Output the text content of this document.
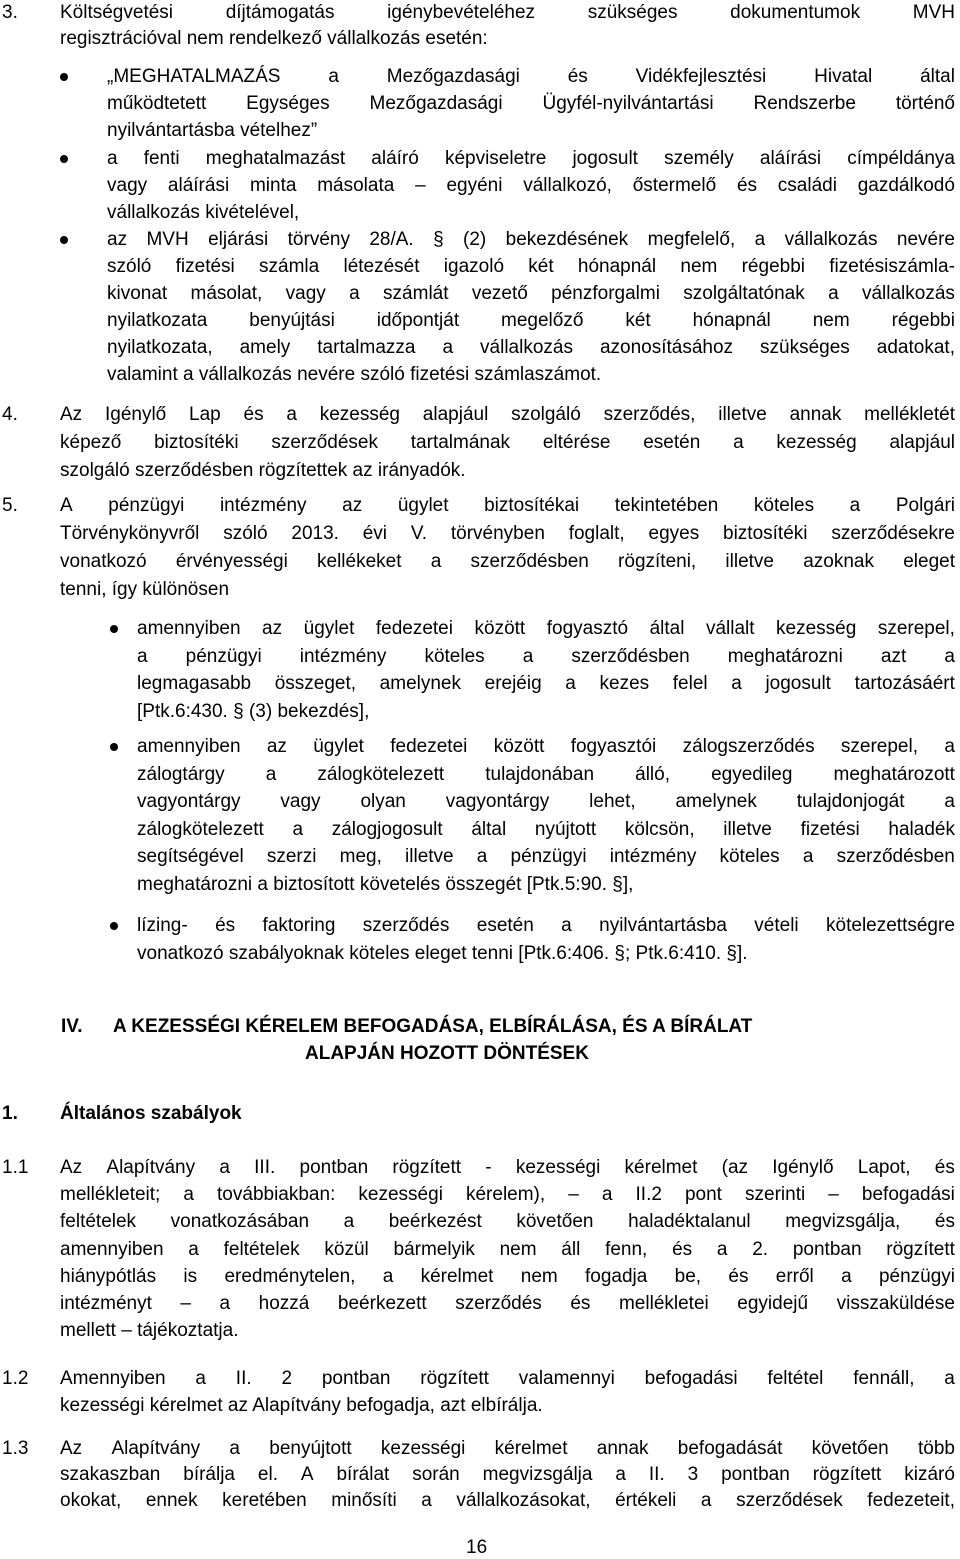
3. Költségvetési	díjtámogatás	igénybevételéhez	szükséges	dokumentumok	MVH
regisztrációval nem rendelkező vállalkozás esetén:
„MEGHATALMAZÁS	a	Mezőgazdasági	és	Vidékfejlesztési	Hivatal	által
működtetett Egységes Mezőgazdasági Ügyfél-nyilvántartási Rendszerbe történő
nyilvántartásba vételhez”
a fenti meghatalmazást aláíró képviseletre jogosult személy aláírási címpéldánya
vagy aláírási minta másolata – egyéni vállalkozó, őstermelő és családi gazdálkodó
vállalkozás kivételével,
az MVH eljárási törvény 28/A. § (2) bekezdésének megfelelő, a vállalkozás nevére
szóló fizetési számla létezését igazoló két hónapnál nem régebbi fizetésiszámla-
kivonat másolat, vagy a számlát vezető pénzforgalmi szolgáltatónak a vállalkozás
nyilatkozata benyújtási időpontját megelőző két hónapnál nem régebbi
nyilatkozata, amely tartalmazza a vállalkozás azonosításához szükséges adatokat,
valamint a vállalkozás nevére szóló fizetési számlaszámot.
4. Az Igénylő Lap és a kezesség alapjául szolgáló szerződés, illetve annak mellékletét
képező biztosítéki szerződések tartalmának eltérése esetén a kezesség alapjául
szolgáló szerződésben rögzítettek az irányadók.
5. A pénzügyi intézmény az ügylet biztosítékai tekintetében köteles a Polgári
Törvénykönyvről szóló 2013. évi V. törvényben foglalt, egyes biztosítéki szerződésekre
vonatkozó érvényességi kellékeket a szerződésben rögzíteni, illetve azoknak eleget
tenni, így különösen
amennyiben az ügylet fedezetei között fogyasztó által vállalt kezesség szerepel,
a pénzügyi intézmény köteles a szerződésben meghatározni azt a
legmagasabb összeget, amelynek erejéig a kezes felel a jogosult tartozásáért
[Ptk.6:430. § (3) bekezdés],
amennyiben az ügylet fedezetei között fogyasztói zálogszerződés szerepel, a
zálogtárgy a zálogkötelezett tulajdonában álló, egyedileg meghatározott
vagyontárgy vagy olyan vagyontárgy lehet, amelynek tulajdonjogát a
zálogkötelezett a zálogjogosult által nyújtott kölcsön, illetve fizetési haladék
segítségével szerzi meg, illetve a pénzügyi intézmény köteles a szerződésben
meghatározni a biztosított követelés összegét [Ptk.5:90. §],
lízing- és faktoring szerződés esetén a nyilvántartásba vételi kötelezettségre
vonatkozó szabályoknak köteles eleget tenni [Ptk.6:406. §; Ptk.6:410. §].
IV. A KEZESSÉGI KÉRELEM BEFOGADÁSA, ELBÍRÁLÁSA, ÉS A BÍRÁLAT
ALAPJÁN HOZOTT DÖNTÉSEK
1. Általános szabályok
1.1 Az Alapítvány a III. pontban rögzített - kezességi kérelmet (az Igénylő Lapot, és
mellékleteit; a továbbiakban: kezességi kérelem), – a II.2 pont szerinti – befogadási
feltételek vonatkozásában a beérkezést követően haladéktalanul megvizsgálja, és
amennyiben a feltételek közül bármelyik nem áll fenn, és a 2. pontban rögzített
hiánypótlás is eredménytelen, a kérelmet nem fogadja be, és erről a pénzügyi
intézményt – a hozzá beérkezett szerződés és mellékletei egyidejű visszaküldése
mellett – tájékoztatja.
1.2 Amennyiben a II. 2 pontban rögzített valamennyi befogadási feltétel fennáll, a
kezességi kérelmet az Alapítvány befogadja, azt elbírálja.
1.3 Az Alapítvány a benyújtott kezességi kérelmet annak befogadását követően több
szakaszban bírálja el. A bírálat során megvizsgálja a II. 3 pontban rögzített kizáró
okokat, ennek keretében minősíti a vállalkozásokat, értékeli a szerződések fedezeteit,
16
